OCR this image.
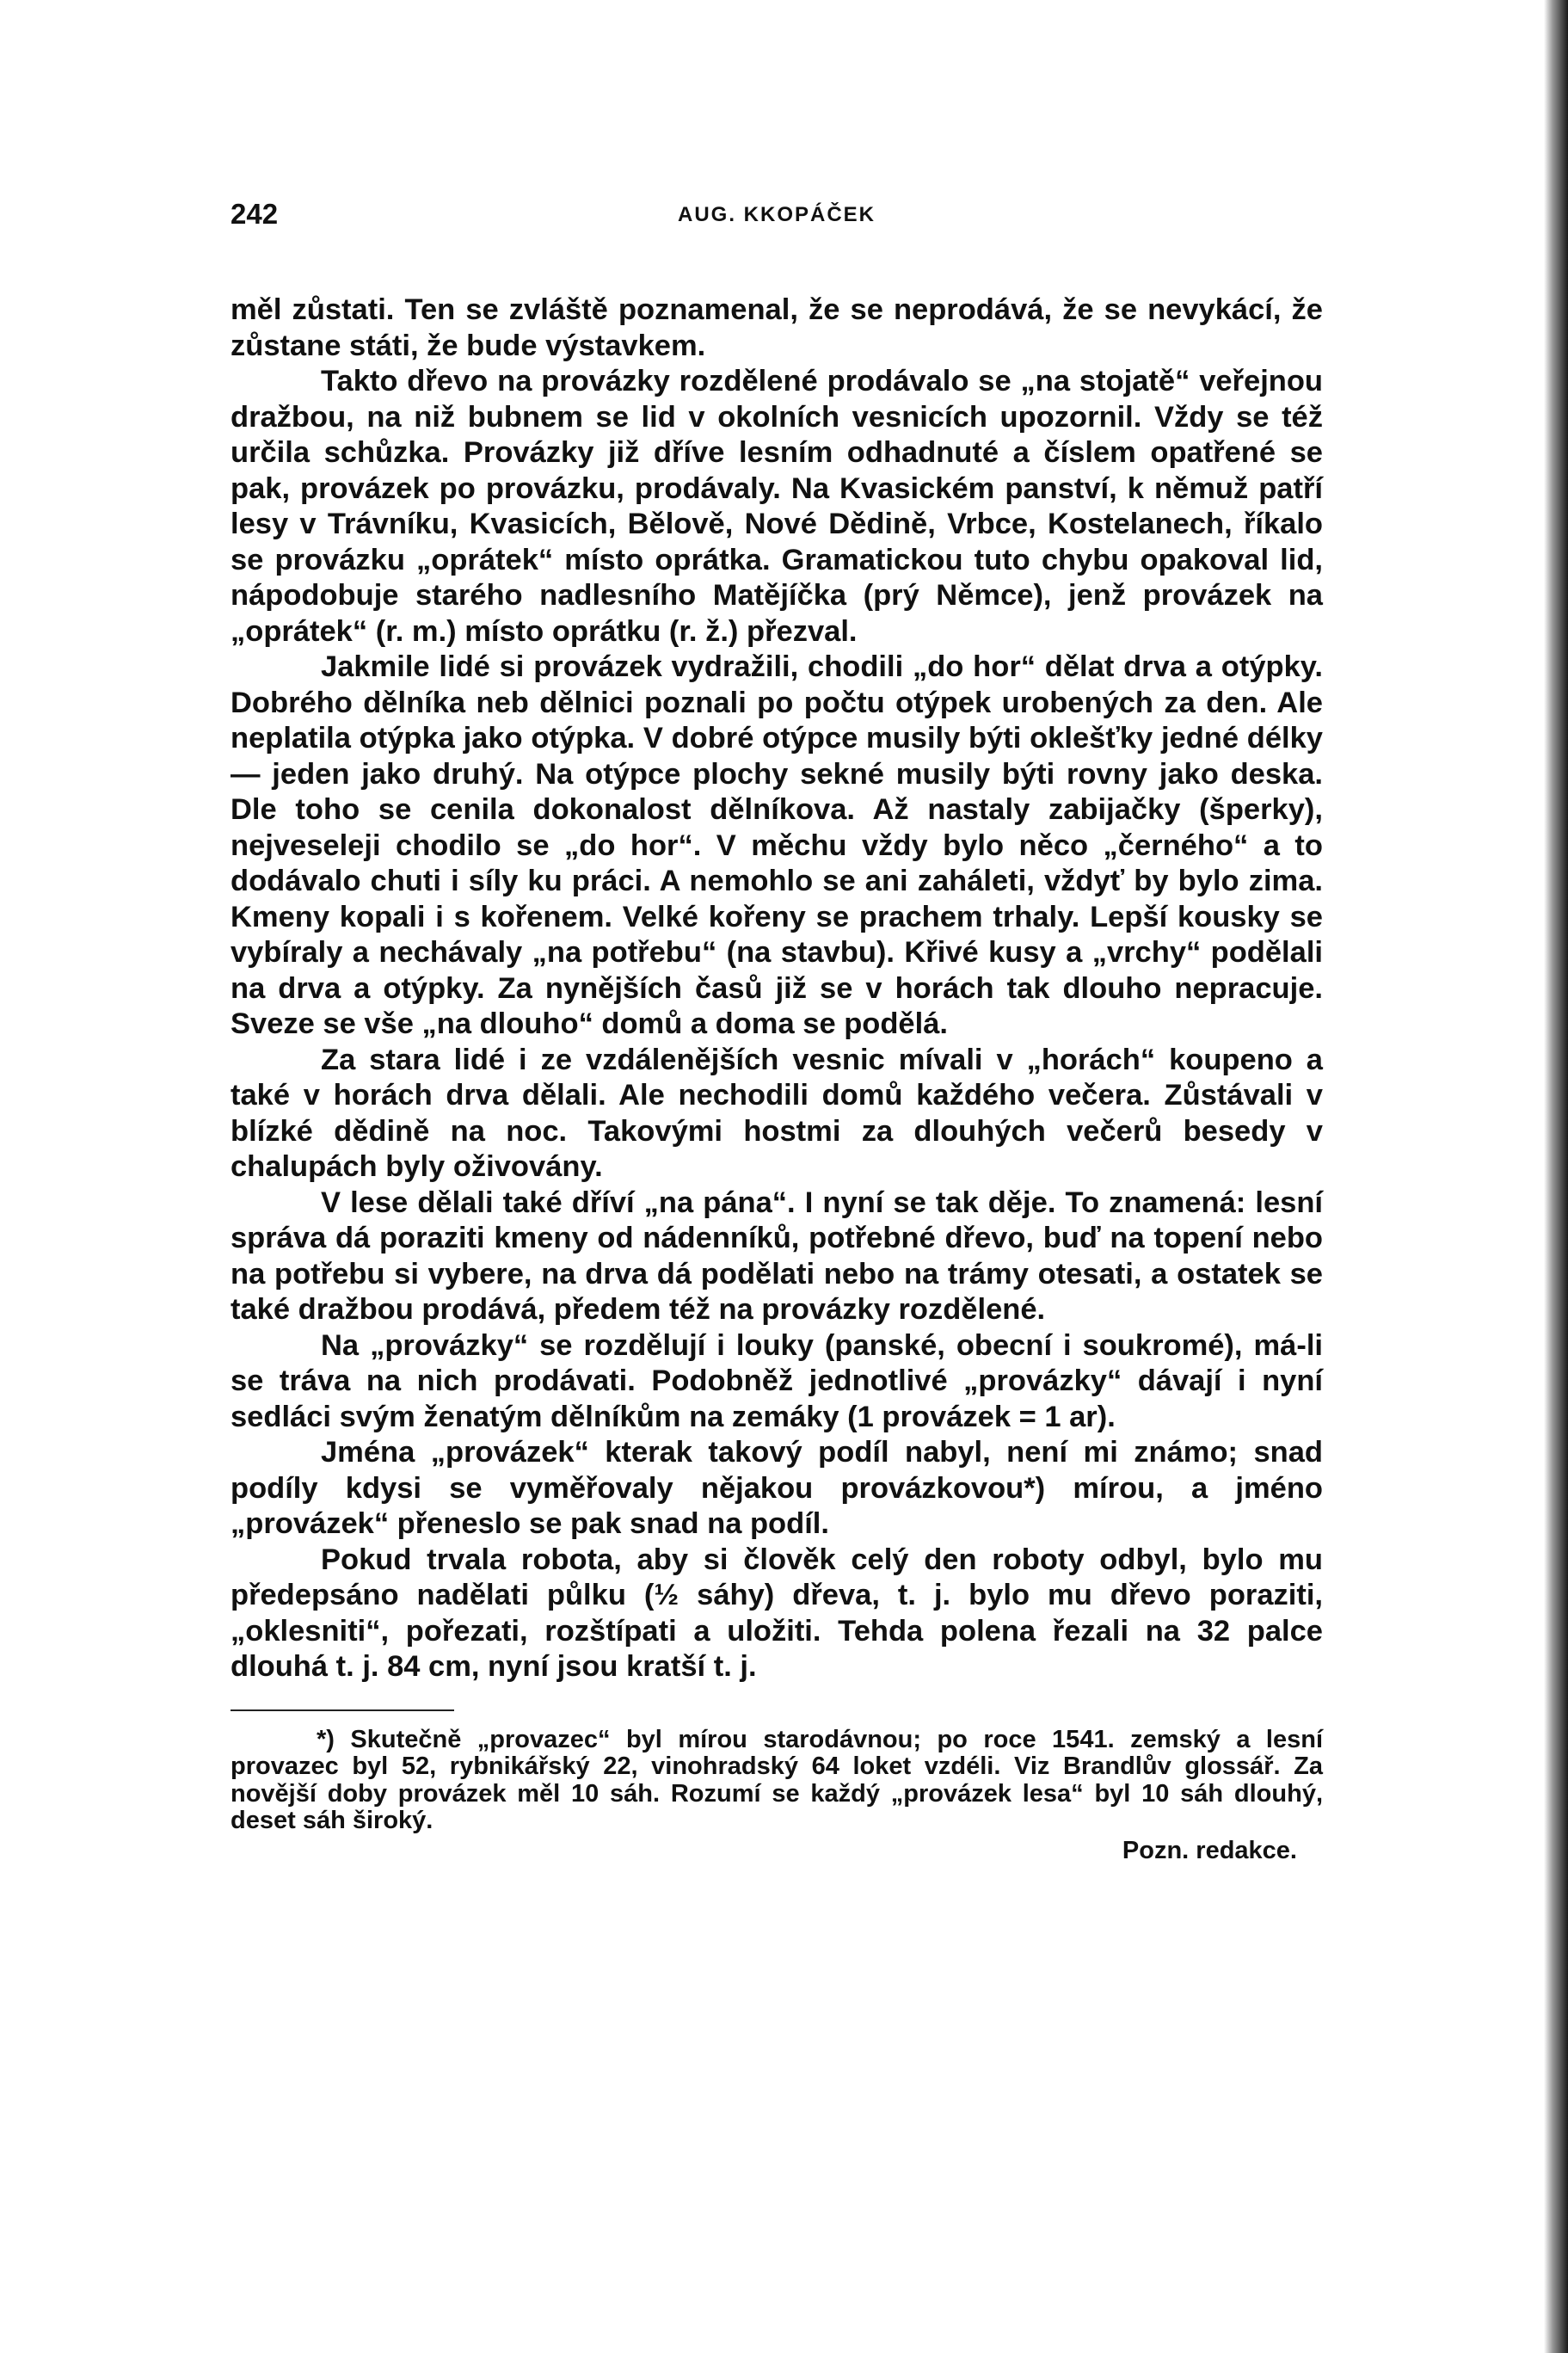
242	AUG. KKOPÁČEK

měl zůstati. Ten se zvláště poznamenal, že se neprodává, že se nevykácí, že zůstane státi, že bude výstavkem.

Takto dřevo na provázky rozdělené prodávalo se „na stojatě“ veřejnou dražbou, na niž bubnem se lid v okolních vesnicích upozornil. Vždy se též určila schůzka. Provázky již dříve lesním odhadnuté a číslem opatřené se pak, provázek po provázku, prodávaly. Na Kvasickém panství, k němuž patří lesy v Trávníku, Kvasicích, Bělově, Nové Dědině, Vrbce, Kostelanech, říkalo se provázku „oprátek“ místo oprátka. Gramatickou tuto chybu opakoval lid, nápodobuje starého nadlesního Matějíčka (prý Němce), jenž provázek na „oprátek“ (r. m.) místo oprátku (r. ž.) přezval.

Jakmile lidé si provázek vydražili, chodili „do hor“ dělat drva a otýpky. Dobrého dělníka neb dělnici poznali po počtu otýpek urobených za den. Ale neplatila otýpka jako otýpka. V dobré otýpce musily býti oklešťky jedné délky — jeden jako druhý. Na otýpce plochy sekné musily býti rovny jako deska. Dle toho se cenila dokonalost dělníkova. Až nastaly zabijačky (šperky), nejveseleji chodilo se „do hor“. V měchu vždy bylo něco „černého“ a to dodávalo chuti i síly ku práci. A nemohlo se ani zaháleti, vždyť by bylo zima. Kmeny kopali i s kořenem. Velké kořeny se prachem trhaly. Lepší kousky se vybíraly a nechávaly „na potřebu“ (na stavbu). Křivé kusy a „vrchy“ podělali na drva a otýpky. Za nynějších časů již se v horách tak dlouho nepracuje. Sveze se vše „na dlouho“ domů a doma se podělá.

Za stara lidé i ze vzdálenějších vesnic mívali v „horách“ koupeno a také v horách drva dělali. Ale nechodili domů každého večera. Zůstávali v blízké dědině na noc. Takovými hostmi za dlouhých večerů besedy v chalupách byly oživovány.

V lese dělali také dříví „na pána“. I nyní se tak děje. To znamená: lesní správa dá poraziti kmeny od nádenníků, potřebné dřevo, buď na topení nebo na potřebu si vybere, na drva dá podělati nebo na trámy otesati, a ostatek se také dražbou prodává, předem též na provázky rozdělené.

Na „provázky“ se rozdělují i louky (panské, obecní i soukromé), má-li se tráva na nich prodávati. Podobněž jednotlivé „provázky“ dávají i nyní sedláci svým ženatým dělníkům na zemáky (1 provázek = 1 ar).

Jména „provázek“ kterak takový podíl nabyl, není mi známo; snad podíly kdysi se vyměřovaly nějakou provázkovou*) mírou, a jméno „provázek“ přeneslo se pak snad na podíl.

Pokud trvala robota, aby si člověk celý den roboty odbyl, bylo mu předepsáno nadělati půlku (½ sáhy) dřeva, t. j. bylo mu dřevo poraziti, „oklesniti“, pořezati, rozštípati a uložiti. Tehda polena řezali na 32 palce dlouhá t. j. 84 cm, nyní jsou kratší t. j.

*) Skutečně „provazec“ byl mírou starodávnou; po roce 1541. zemský a lesní provazec byl 52, rybnikářský 22, vinohradský 64 loket vzdéli. Viz Brandlův glossář. Za novější doby provázek měl 10 sáh. Rozumí se každý „provázek lesa“ byl 10 sáh dlouhý, deset sáh široký.
Pozn. redakce.
